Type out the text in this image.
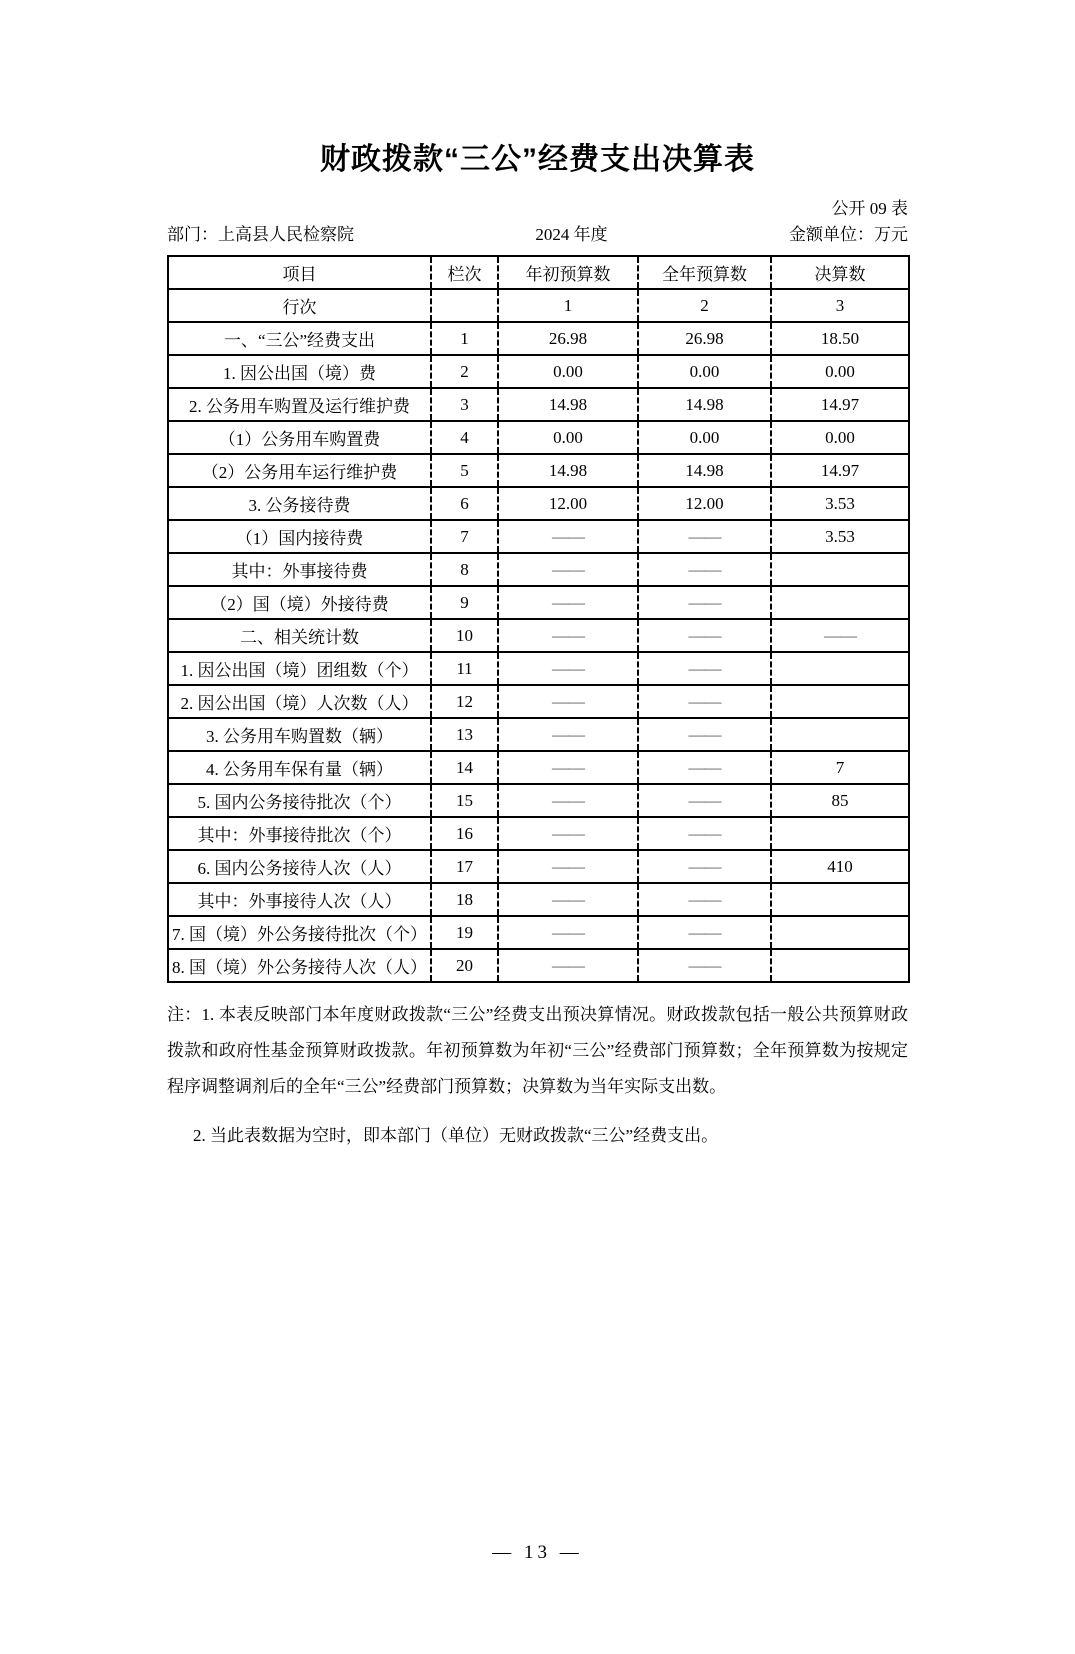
财政拨款“三公”经费支出决算表
公开 09 表
部门：上高县人民检察院	2024 年度	金额单位：万元
项目	栏次	年初预算数	全年预算数	决算数
行次		1	2	3
一、“三公”经费支出	1	26.98	26.98	18.50
1. 因公出国（境）费	2	0.00	0.00	0.00
2. 公务用车购置及运行维护费	3	14.98	14.98	14.97
（1）公务用车购置费	4	0.00	0.00	0.00
（2）公务用车运行维护费	5	14.98	14.98	14.97
3. 公务接待费	6	12.00	12.00	3.53
（1）国内接待费	7	——	——	3.53
其中：外事接待费	8	——	——	
（2）国（境）外接待费	9	——	——	
二、相关统计数	10	——	——	——
1. 因公出国（境）团组数（个）	11	——	——	
2. 因公出国（境）人次数（人）	12	——	——	
3. 公务用车购置数（辆）	13	——	——	
4. 公务用车保有量（辆）	14	——	——	7
5. 国内公务接待批次（个）	15	——	——	85
其中：外事接待批次（个）	16	——	——	
6. 国内公务接待人次（人）	17	——	——	410
其中：外事接待人次（人）	18	——	——	
7. 国（境）外公务接待批次（个）	19	——	——	
8. 国（境）外公务接待人次（人）	20	——	——	

注：1. 本表反映部门本年度财政拨款“三公”经费支出预决算情况。财政拨款包括一般公共预算财政拨款和政府性基金预算财政拨款。年初预算数为年初“三公”经费部门预算数；全年预算数为按规定程序调整调剂后的全年“三公”经费部门预算数；决算数为当年实际支出数。

2. 当此表数据为空时，即本部门（单位）无财政拨款“三公”经费支出。

— 13 —
